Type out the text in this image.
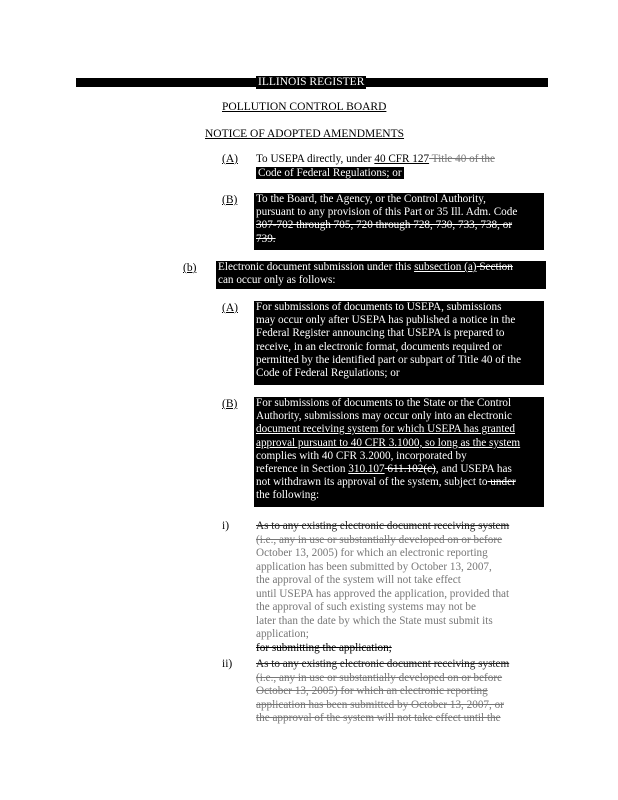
ILLINOIS REGISTER
POLLUTION CONTROL BOARD
NOTICE OF ADOPTED AMENDMENTS
(A) To USEPA directly, under 40 CFR 127 Title 40 of the
Code of Federal Regulations; or
(B) To the Board, the Agency, or the Control Authority,
pursuant to any provision of this Part or 35 Ill. Adm. Code
307-702 through 705, 720 through 728, 730, 733, 738, or
739.
(b) Electronic document submission under this subsection (a) Section
can occur only as follows:
(A) For submissions of documents to USEPA, submissions
may occur only after USEPA has published a notice in the
Federal Register announcing that USEPA is prepared to
receive, in an electronic format, documents required or
permitted by the identified part or subpart of Title 40 of the
Code of Federal Regulations; or
(B) For submissions of documents to the State or the Control
Authority, submissions may occur only into an electronic
document receiving system for which USEPA has granted
approval pursuant to 40 CFR 3.1000, so long as the system
complies with 40 CFR 3.2000, incorporated by
reference in Section 310.107 611.102(c), and USEPA has
not withdrawn its approval of the system, subject to under
the following:
i) As to any existing electronic document receiving system
(i.e., any in use or substantially developed on or before
October 13, 2005) for which an electronic reporting
application has been submitted by October 13, 2007,
the approval of the system will not take effect
until USEPA has approved the application, provided that
the approval of such existing systems may not be
later than the date by which the State must submit its
application;
for submitting the application;
ii) As to any existing electronic document receiving system
(i.e., any in use or substantially developed on or before
October 13, 2005) for which an electronic reporting
application has been submitted by October 13, 2007, or
the approval of the system will not take effect until the
